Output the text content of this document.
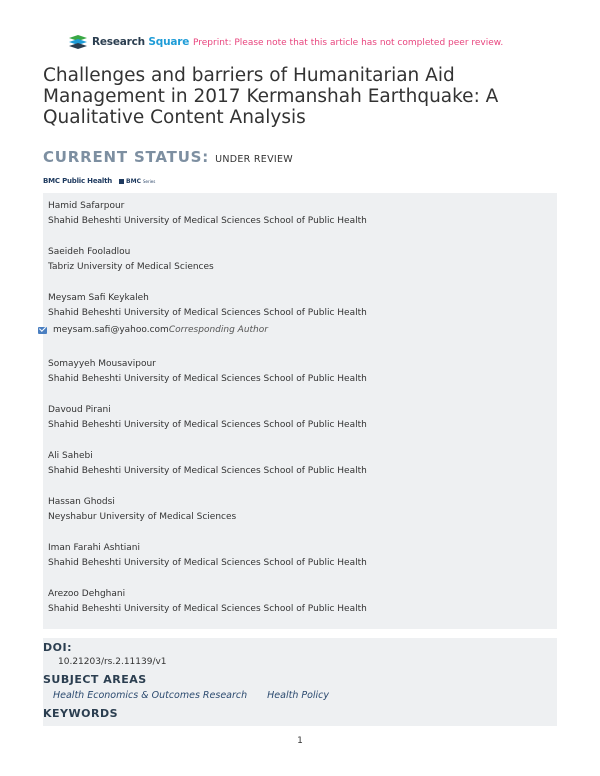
Research Square Preprint: Please note that this article has not completed peer review.
Challenges and barriers of Humanitarian Aid Management in 2017 Kermanshah Earthquake: A Qualitative Content Analysis
CURRENT STATUS: UNDER REVIEW
BMC Public Health BMC Series
Hamid Safarpour
Shahid Beheshti University of Medical Sciences School of Public Health
Saeideh Fooladlou
Tabriz University of Medical Sciences
Meysam Safi Keykaleh
Shahid Beheshti University of Medical Sciences School of Public Health
meysam.safi@yahoo.com Corresponding Author
Somayyeh Mousavipour
Shahid Beheshti University of Medical Sciences School of Public Health
Davoud Pirani
Shahid Beheshti University of Medical Sciences School of Public Health
Ali Sahebi
Shahid Beheshti University of Medical Sciences School of Public Health
Hassan Ghodsi
Neyshabur University of Medical Sciences
Iman Farahi Ashtiani
Shahid Beheshti University of Medical Sciences School of Public Health
Arezoo Dehghani
Shahid Beheshti University of Medical Sciences School of Public Health
DOI:
10.21203/rs.2.11139/v1
SUBJECT AREAS
Health Economics & Outcomes Research Health Policy
KEYWORDS
1
